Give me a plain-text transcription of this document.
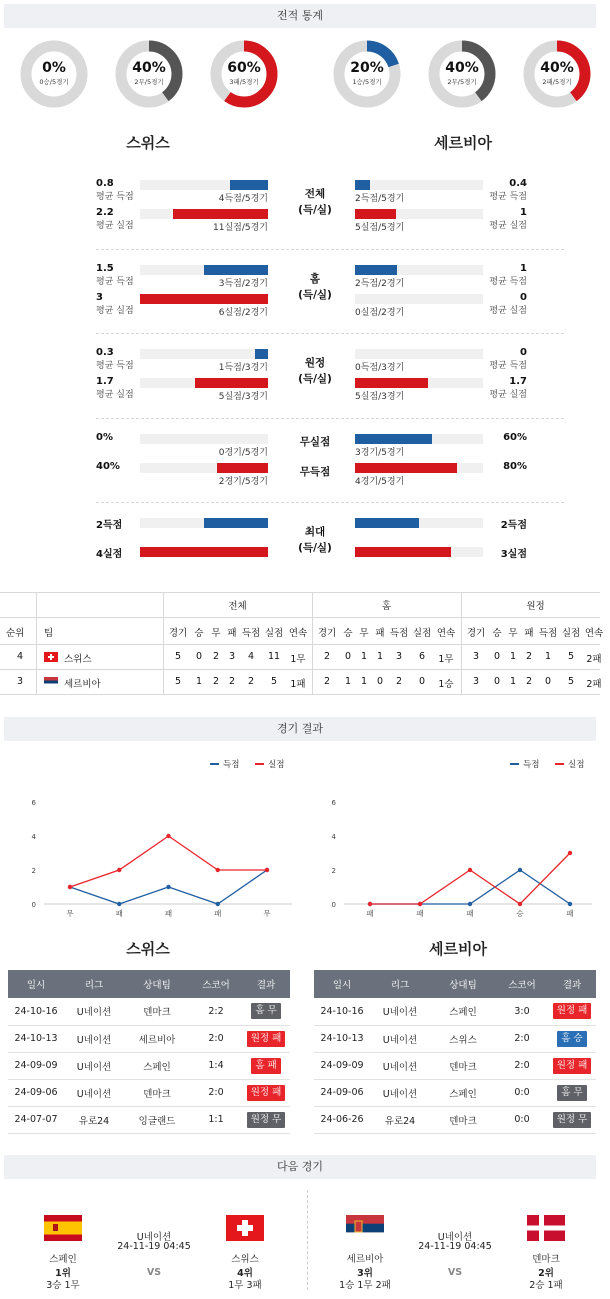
전적 통계
0%
0승/5경기
40%
2무/5경기
60%
3패/5경기
20%
1승/5경기
40%
2무/5경기
40%
2패/5경기
스위스	세르비아
전체
(득/실)
0.8
평균 득점	4득점/5경기
0.4
평균 득점
2득점/5경기
2.2
평균 실점	11실점/5경기
1
평균 실점
5실점/5경기
홈
(득/실)
1.5
평균 득점	3득점/2경기
1
평균 득점
2득점/2경기
3
평균 실점	6실점/2경기
0
평균 실점
0실점/2경기
원정
(득/실)
0.3
평균 득점	1득점/3경기
0
평균 득점
0득점/3경기
1.7
평균 실점	5실점/3경기
1.7
평균 실점
5실점/3경기
무실점
무득점
0%
0경기/5경기
60%
3경기/5경기
40%
2경기/5경기
80%
4경기/5경기
최대
(득/실)
2득점	2득점
4실점	3실점
전체	홈	원정
순위 팀	경기 승 무 패 득점 실점 연속	경기 승 무 패 득점 실점 연속	경기 승 무 패 득점 실점 연속
4	스위스	5	0	2	3	4	11	1무	2	0	1	1	3	6	1무	3	0	1	2	1	5	2패
3	세르비아	5	1	2	2	2	5	1패	2	1	1	0	2	0	1승	3	0	1	2	0	5	2패
경기 결과
0
2
4
6
무	패	패	패	무
득점	실점
0
2
4
6
패	패	패	승	패
득점	실점
스위스	세르비아
일시	리그	상대팀	스코어	결과
24-10-16	U네이션	덴마크	2:2	홈 무
24-10-13	U네이션	세르비아	2:0	원정 패
24-09-09	U네이션	스페인	1:4	홈 패
24-09-06	U네이션	덴마크	2:0	원정 패
24-07-07	유로24	잉글랜드	1:1	원정 무
일시	리그	상대팀	스코어	결과
24-10-16	U네이션	스페인	3:0	원정 패
24-10-13	U네이션	스위스	2:0	홈 승
24-09-09	U네이션	덴마크	2:0	원정 패
24-09-06	U네이션	스페인	0:0	홈 무
24-06-26	유로24	덴마크	0:0	원정 무
다음 경기
스페인
1위
3승 1무
U네이션
24-11-19 04:45
VS
스위스
4위
1무 3패
세르비아
3위
1승 1무 2패
U네이션
24-11-19 04:45
VS
덴마크
2위
2승 1패
